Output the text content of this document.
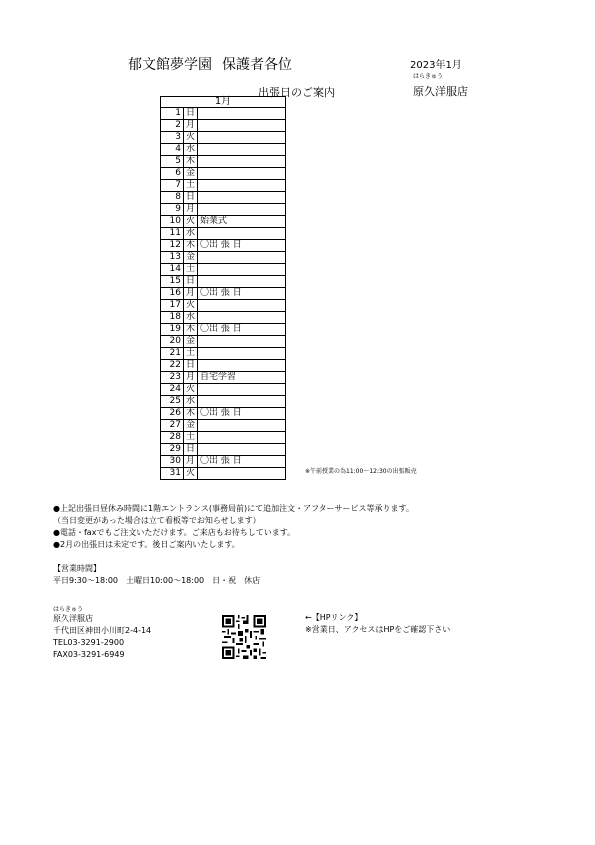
郁文館夢学園 保護者各位	2023年1月
はらきゅう
原久洋服店
出張日のご案内
1月		
1	日	
2	月	
3	火	
4	水	
5	木	
6	金	
7	土	
8	日	
9	月	
10	火	始業式
11	水	
12	木	〇出 張 日
13	金	
14	土	
15	日	
16	月	〇出 張 日
17	火	
18	水	
19	木	〇出 張 日
20	金	
21	土	
22	日	
23	月	自宅学習
24	火	
25	水	
26	木	〇出 張 日
27	金	
28	土	
29	日	
30	月	〇出 張 日
31	火		※午前授業の為11:00～12:30の出張販売
●上記出張日昼休み時間に1階エントランス(事務局前)にて追加注文・アフターサービス等承ります。
（当日変更があった場合は立て看板等でお知らせします）
●電話・faxでもご注文いただけます。ご来店もお待ちしています。
●2月の出張日は未定です。後日ご案内いたします。
【営業時間】
平日9:30～18:00　土曜日10:00～18:00　日・祝　休店
はらきゅう
原久洋服店
千代田区神田小川町2-4-14
TEL03-3291-2900
FAX03-3291-6949
←【HPリンク】
※営業日、アクセスはHPをご確認下さい
